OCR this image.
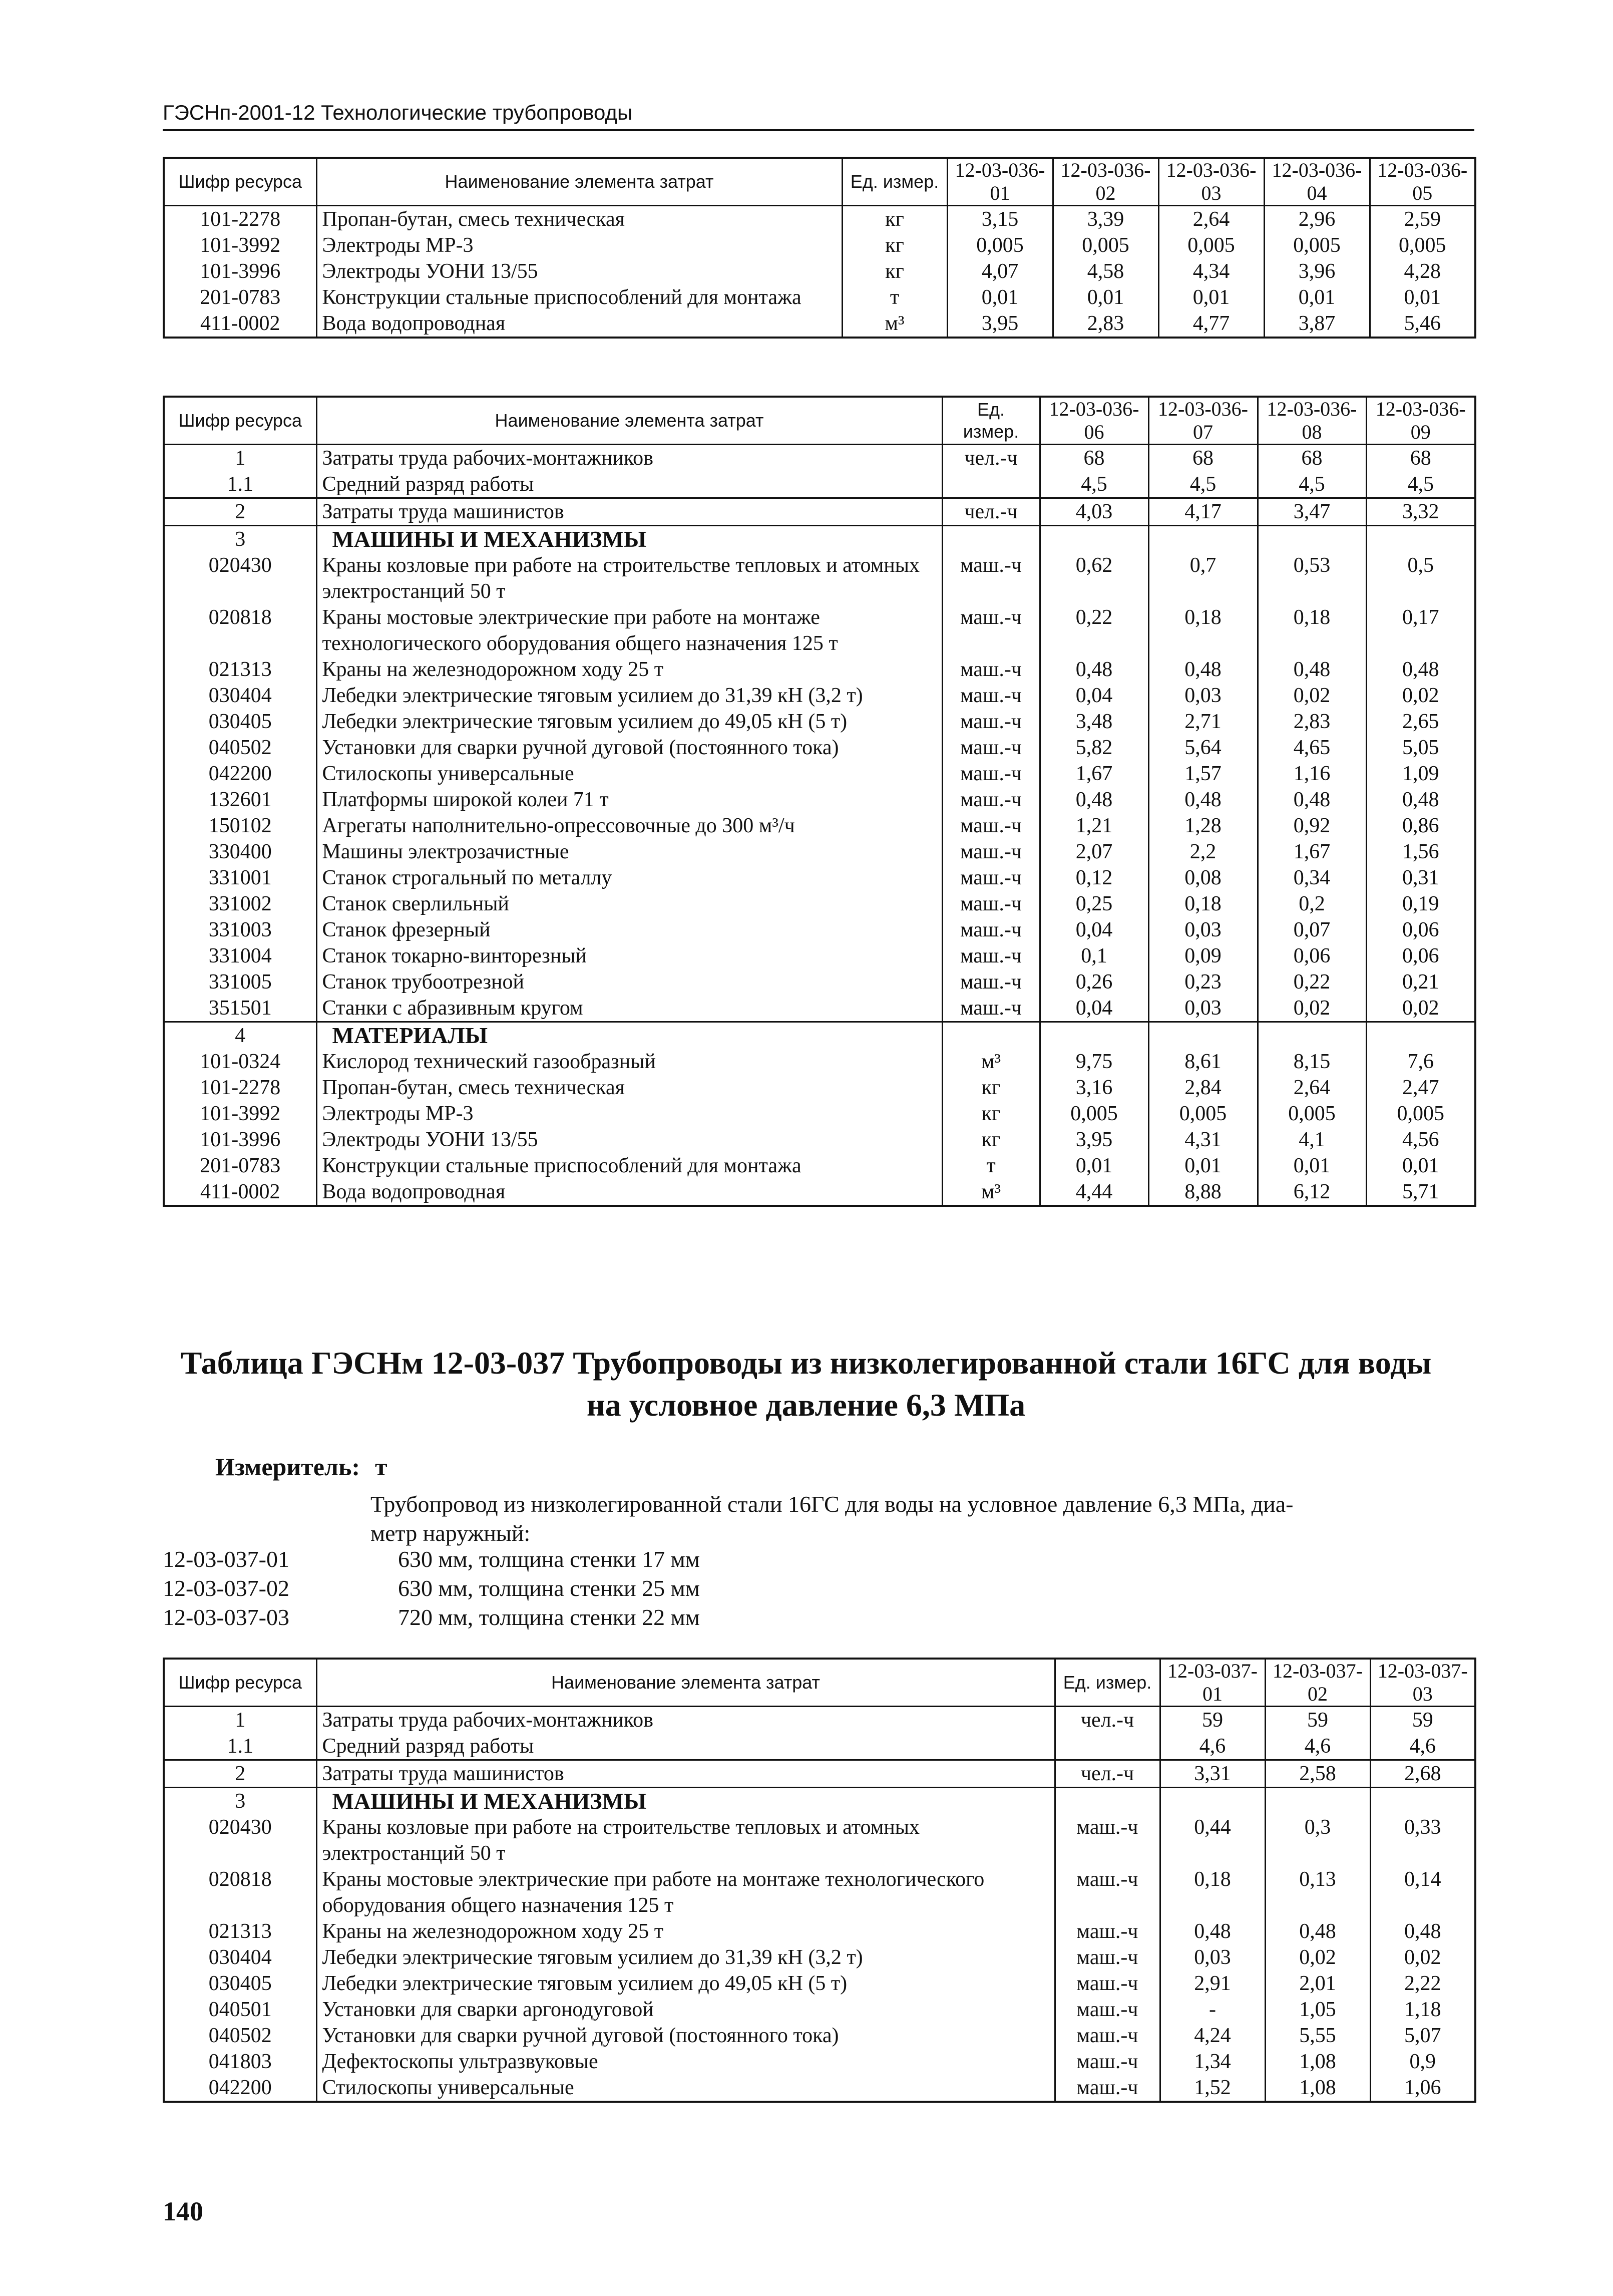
ГЭСНп-2001-12 Технологические трубопроводы
Шифр ресурса	Наименование элемента затрат	Ед. измер.	12-03-036-01	12-03-036-02	12-03-036-03	12-03-036-04	12-03-036-05
101-2278	Пропан-бутан, смесь техническая	кг	3,15	3,39	2,64	2,96	2,59
101-3992	Электроды МР-3	кг	0,005	0,005	0,005	0,005	0,005
101-3996	Электроды УОНИ 13/55	кг	4,07	4,58	4,34	3,96	4,28
201-0783	Конструкции стальные приспособлений для монтажа	т	0,01	0,01	0,01	0,01	0,01
411-0002	Вода водопроводная	м³	3,95	2,83	4,77	3,87	5,46
Шифр ресурса	Наименование элемента затрат	Ед. измер.	12-03-036-06	12-03-036-07	12-03-036-08	12-03-036-09
1	Затраты труда рабочих-монтажников	чел.-ч	68	68	68	68
1.1	Средний разряд работы		4,5	4,5	4,5	4,5
2	Затраты труда машинистов	чел.-ч	4,03	4,17	3,47	3,32
3	МАШИНЫ И МЕХАНИЗМЫ					
020430	Краны козловые при работе на строительстве тепловых и атомных электростанций 50 т	маш.-ч	0,62	0,7	0,53	0,5
020818	Краны мостовые электрические при работе на монтаже технологического оборудования общего назначения 125 т	маш.-ч	0,22	0,18	0,18	0,17
021313	Краны на железнодорожном ходу 25 т	маш.-ч	0,48	0,48	0,48	0,48
030404	Лебедки электрические тяговым усилием до 31,39 кН (3,2 т)	маш.-ч	0,04	0,03	0,02	0,02
030405	Лебедки электрические тяговым усилием до 49,05 кН (5 т)	маш.-ч	3,48	2,71	2,83	2,65
040502	Установки для сварки ручной дуговой (постоянного тока)	маш.-ч	5,82	5,64	4,65	5,05
042200	Стилоскопы универсальные	маш.-ч	1,67	1,57	1,16	1,09
132601	Платформы широкой колеи 71 т	маш.-ч	0,48	0,48	0,48	0,48
150102	Агрегаты наполнительно-опрессовочные до 300 м³/ч	маш.-ч	1,21	1,28	0,92	0,86
330400	Машины электрозачистные	маш.-ч	2,07	2,2	1,67	1,56
331001	Станок строгальный по металлу	маш.-ч	0,12	0,08	0,34	0,31
331002	Станок сверлильный	маш.-ч	0,25	0,18	0,2	0,19
331003	Станок фрезерный	маш.-ч	0,04	0,03	0,07	0,06
331004	Станок токарно-винторезный	маш.-ч	0,1	0,09	0,06	0,06
331005	Станок трубоотрезной	маш.-ч	0,26	0,23	0,22	0,21
351501	Станки с абразивным кругом	маш.-ч	0,04	0,03	0,02	0,02
4	МАТЕРИАЛЫ					
101-0324	Кислород технический газообразный	м³	9,75	8,61	8,15	7,6
101-2278	Пропан-бутан, смесь техническая	кг	3,16	2,84	2,64	2,47
101-3992	Электроды МР-3	кг	0,005	0,005	0,005	0,005
101-3996	Электроды УОНИ 13/55	кг	3,95	4,31	4,1	4,56
201-0783	Конструкции стальные приспособлений для монтажа	т	0,01	0,01	0,01	0,01
411-0002	Вода водопроводная	м³	4,44	8,88	6,12	5,71
Таблица ГЭСНм 12-03-037 Трубопроводы из низколегированной стали 16ГС для воды
на условное давление 6,3 МПа
Измеритель: т
Трубопровод из низколегированной стали 16ГС для воды на условное давление 6,3 МПа, диа-
метр наружный:
12-03-037-01	630 мм, толщина стенки 17 мм
12-03-037-02	630 мм, толщина стенки 25 мм
12-03-037-03	720 мм, толщина стенки 22 мм
Шифр ресурса	Наименование элемента затрат	Ед. измер.	12-03-037-01	12-03-037-02	12-03-037-03
1	Затраты труда рабочих-монтажников	чел.-ч	59	59	59
1.1	Средний разряд работы		4,6	4,6	4,6
2	Затраты труда машинистов	чел.-ч	3,31	2,58	2,68
3	МАШИНЫ И МЕХАНИЗМЫ				
020430	Краны козловые при работе на строительстве тепловых и атомных электростанций 50 т	маш.-ч	0,44	0,3	0,33
020818	Краны мостовые электрические при работе на монтаже технологического оборудования общего назначения 125 т	маш.-ч	0,18	0,13	0,14
021313	Краны на железнодорожном ходу 25 т	маш.-ч	0,48	0,48	0,48
030404	Лебедки электрические тяговым усилием до 31,39 кН (3,2 т)	маш.-ч	0,03	0,02	0,02
030405	Лебедки электрические тяговым усилием до 49,05 кН (5 т)	маш.-ч	2,91	2,01	2,22
040501	Установки для сварки аргонодуговой	маш.-ч	-	1,05	1,18
040502	Установки для сварки ручной дуговой (постоянного тока)	маш.-ч	4,24	5,55	5,07
041803	Дефектоскопы ультразвуковые	маш.-ч	1,34	1,08	0,9
042200	Стилоскопы универсальные	маш.-ч	1,52	1,08	1,06
140
